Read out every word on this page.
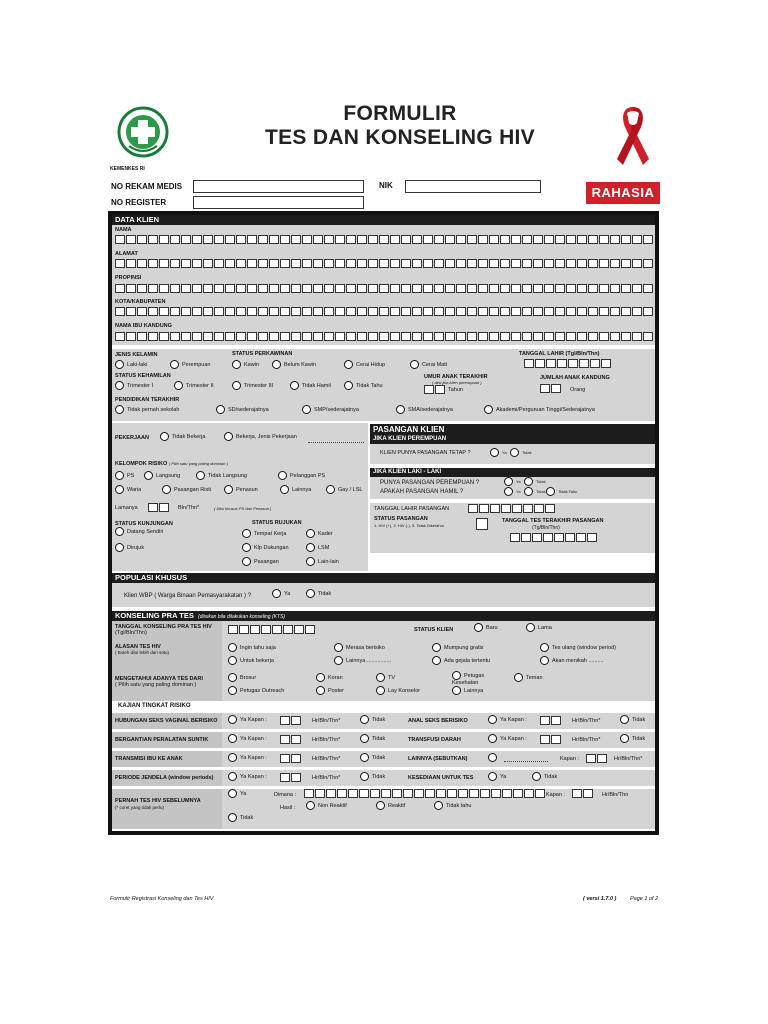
KEMENKES RI
FORMULIR
TES DAN KONSELING HIV
NO REKAM MEDIS
NO REGISTER
NIK	RAHASIA
DATA KLIEN
NAMA
ALAMAT
PROPINSI
KOTA/KABUPATEN
NAMA IBU KANDUNG
JENIS KELAMIN
Laki-laki	Perempuan
STATUS PERKAWINAN
Kawin	Belum Kawin	Cerai Hidup	Cerai Mati
TANGGAL LAHIR (Tgl/Bln/Thn)
STATUS KEHAMILAN
Trimester I	Trimester II	Trimester III	Tidak Hamil	Tidak Tahu
UMUR ANAK TERAKHIR
( diisi jika klien perempuan )
Tahun
JUMLAH ANAK KANDUNG
Orang
PENDIDIKAN TERAKHIR
Tidak pernah sekolah	SD/sederajatnya	SMP/sederajatnya	SMA/sederajatnya	Akademi/Perguruan Tinggi/Sederajatnya
PEKERJAAN	Tidak Bekerja	Bekerja, Jenis Pekerjaan
KELOMPOK RISIKO ( Pilih satu yang paling dominan )
PS	Langsung	Tidak Langsung	Pelanggan PS
Waria	Pasangan Risti	Penasun	Lainnya	Gay / LSL
Lamanya	Bln/Thn*	( Diisi khusus PS dan Penasun )
STATUS KUNJUNGAN
Datang Sendiri
Dirujuk
STATUS RUJUKAN
Tempat Kerja	Kader
Klp Dukungan	LSM
Pasangan	Lain-lain
PASANGAN KLIEN
JIKA KLIEN PEREMPUAN
KLIEN PUNYA PASANGAN TETAP ?	Ya	Tidak
JIKA KLIEN LAKI - LAKI
PUNYA PASANGAN PEREMPUAN ?	Ya	Tidak
APAKAH PASANGAN HAMIL ?	Ya	Tidak	Tidak Tahu
TANGGAL LAHIR PASANGAN
STATUS PASANGAN
1. HIV (+), 2. HIV (-), 3. Tidak Diketahui
TANGGAL TES TERAKHIR PASANGAN
(Tg/Bln/Thn)
POPULASI KHUSUS
Klien WBP ( Warga Binaan Pemasyarakatan ) ?	Ya	Tidak
KONSELING PRA TES (diisikan bila dilakukan konseling (KTS)
TANGGAL KONSELING PRA TES HIV
(Tgl/Bln/Thn)	STATUS KLIEN	Baru	Lama
ALASAN TES HIV
( Boleh diisi lebih dari satu)
Ingin tahu saja
Untuk bekerja
Merasa berisiko
Lainnya ................
Mumpung gratis
Ada gejala tertentu
Tes ulang (window period)
Akan menikah ..........
MENGETAHUI ADANYA TES DARI
( Pilih satu yang paling dominan )
Brosur
Petugas Outreach
Koran
Poster
TV
Lay Konselor
Petugas Kesehatan
Lainnya
Teman
KAJIAN TINGKAT RISIKO
HUBUNGAN SEKS VAGINAL BERISIKO	Ya Kapan :	Hr/Bln/Thn*	Tidak	ANAL SEKS BERISIKO	Ya Kapan :	Hr/Bln/Thn*	Tidak
BERGANTIAN PERALATAN SUNTIK	Ya Kapan :	Hr/Bln/Thn*	Tidak	TRANSFUSI DARAH	Ya Kapan :	Hr/Bln/Thn*	Tidak
TRANSMISI IBU KE ANAK	Ya Kapan :	Hr/Bln/Thn*	Tidak	LAINNYA (SEBUTKAN)	Kapan :	Hr/Bln/Thn*
PERIODE JENDELA (window periods)	Ya Kapan :	Hr/Bln/Thn*	Tidak	KESEDIAAN UNTUK TES	Ya	Tidak
PERNAH TES HIV SEBELUMNYA
(* coret yang tidak perlu)
Ya
Tidak
Dimana :	Kapan :	Hr/Bln/Thn
Hasil :	Non Reaktif	Reaktif	Tidak tahu
Formulir Registrasi Konseling dan Tes HIV	( versi 1.7.0 ) Page 1 of 2
